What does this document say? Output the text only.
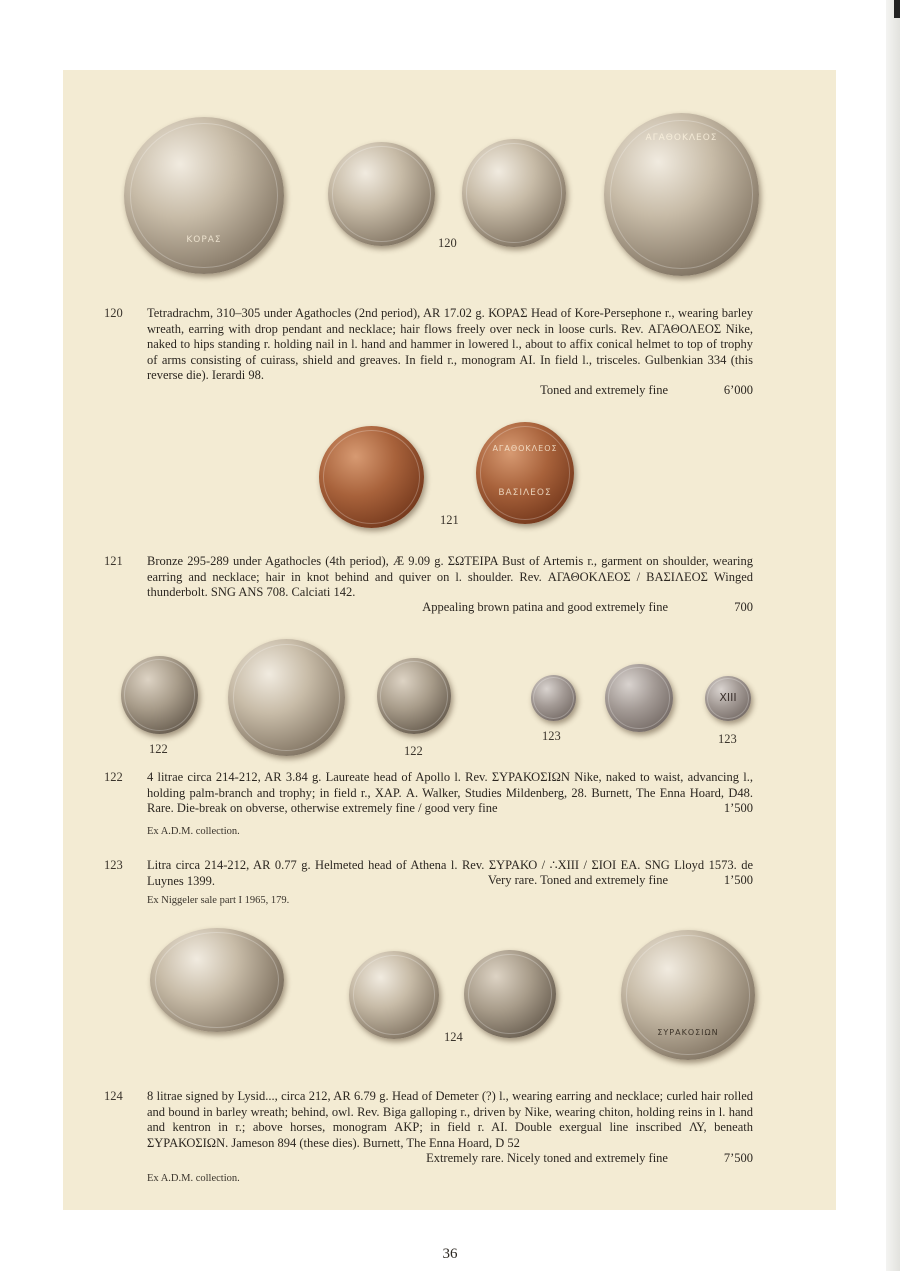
ΚΟΡΑΣ
ΑΓΑΘΟΚΛΕΟΣ
120
120 Tetradrachm, 310–305 under Agathocles (2nd period), AR 17.02 g. ΚΟΡΑΣ Head of Kore-Persephone r., wearing barley wreath, earring with drop pendant and necklace; hair flows freely over neck in loose curls. Rev. ΑΓΑΘΟΛΕΟΣ Nike, naked to hips standing r. holding nail in l. hand and hammer in lowered l., about to affix conical helmet to top of trophy of arms consisting of cuirass, shield and greaves. In field r., monogram AI. In field l., trisceles. Gulbenkian 334 (this reverse die). Ierardi 98.

Toned and extremely fine	6’000
ΑΓΑΘΟΚΛΕΟΣ
ΒΑΣΙΛΕΟΣ
121
121 Bronze 295-289 under Agathocles (4th period), Æ 9.09 g. ΣΩΤΕΙΡΑ Bust of Artemis r., garment on shoulder, wearing earring and necklace; hair in knot behind and quiver on l. shoulder. Rev. ΑΓΑΘΟΚΛΕΟΣ / ΒΑΣΙΛΕΟΣ Winged thunderbolt. SNG ANS 708. Calciati 142.

Appealing brown patina and good extremely fine	700
122	122
ΧΙΙΙ
123	123
122 4 litrae circa 214-212, AR 3.84 g. Laureate head of Apollo l. Rev. ΣΥΡΑΚΟΣΙΩΝ Nike, naked to waist, advancing l., holding palm-branch and trophy; in field r., ΧΑΡ. A. Walker, Studies Mildenberg, 28. Burnett, The Enna Hoard, D48. Rare. Die-break on obverse, otherwise extremely fine / good very fine	1’500
Ex A.D.M. collection.
123 Litra circa 214-212, AR 0.77 g. Helmeted head of Athena l. Rev. ΣΥΡΑΚΟ / ∴ΧΙΙΙ / ΣΙΟΙ ΕΑ. SNG Lloyd 1573. de Luynes 1399.	Very rare. Toned and extremely fine	1’500
Ex Niggeler sale part I 1965, 179.
ΣΥΡΑΚΟΣΙΩΝ
124
124 8 litrae signed by Lysid..., circa 212, AR 6.79 g. Head of Demeter (?) l., wearing earring and necklace; curled hair rolled and bound in barley wreath; behind, owl. Rev. Biga galloping r., driven by Nike, wearing chiton, holding reins in l. hand and kentron in r.; above horses, monogram ΑΚΡ; in field r. AI. Double exergual line inscribed ΛΥ, beneath ΣΥΡΑΚΟΣΙΩΝ. Jameson 894 (these dies). Burnett, The Enna Hoard, D 52

Extremely rare. Nicely toned and extremely fine	7’500
Ex A.D.M. collection.
36
